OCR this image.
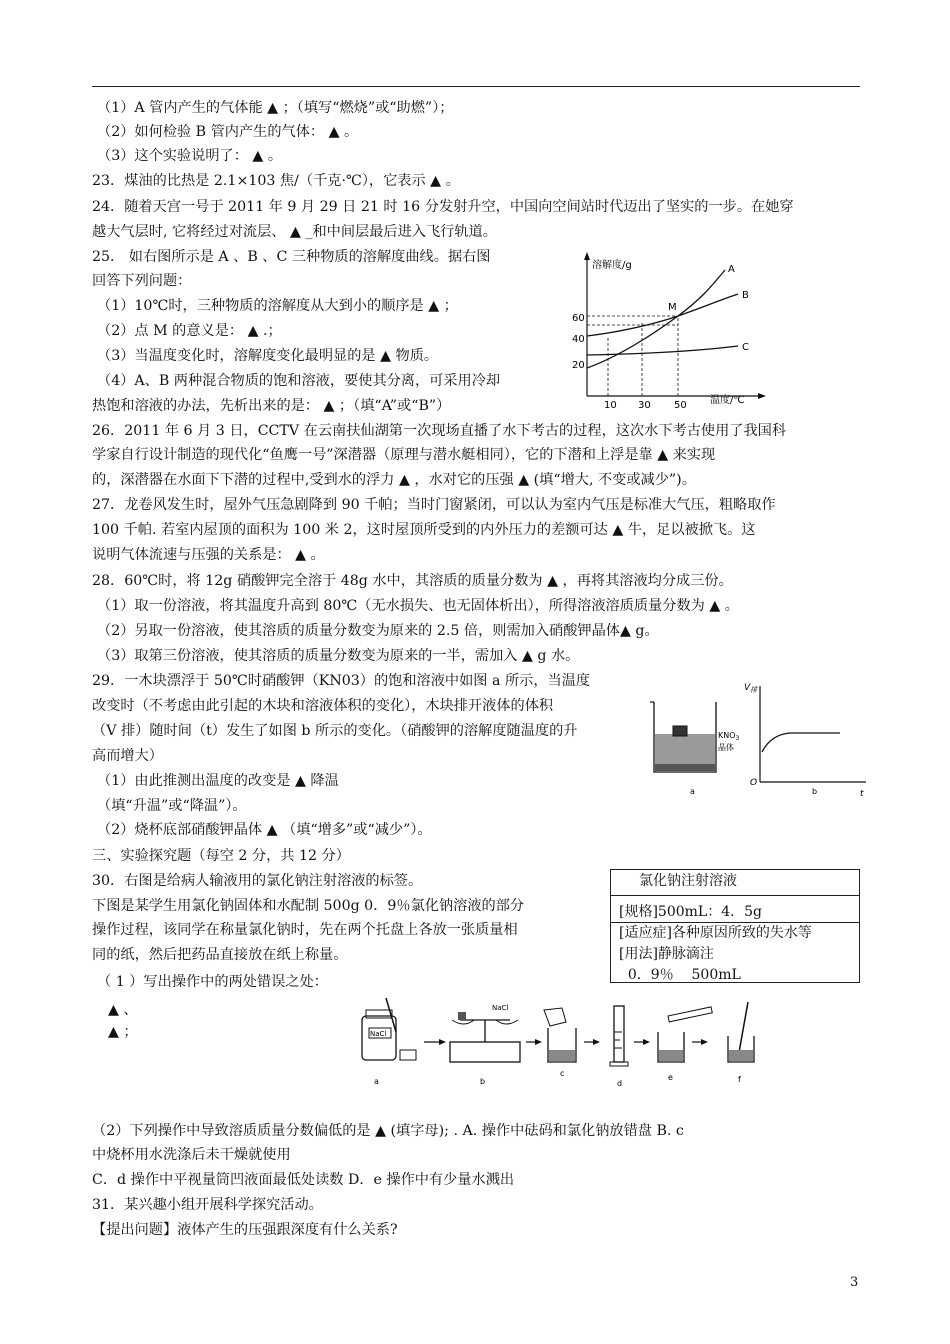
（1）A 管内产生的气体能 ▲ ；（填写“燃烧”或“助燃”）；
（2）如何检验 B 管内产生的气体： ▲ 。
（3）这个实验说明了： ▲ 。
23．煤油的比热是 2.1×103 焦/（千克·℃），它表示 ▲ 。
24．随着天宫一号于 2011 年 9 月 29 日 21 时 16 分发射升空，中国向空间站时代迈出了坚实的一步。在她穿
越大气层时, 它将经过对流层、 ▲ _和中间层最后进入飞行轨道。
25． 如右图所示是 A 、B 、C 三种物质的溶解度曲线。据右图
回答下列问题：
（1）10℃时，三种物质的溶解度从大到小的顺序是 ▲ ；
（2）点 M 的意义是： ▲ .；
（3）当温度变化时，溶解度变化最明显的是 ▲ 物质。
（4）A、B 两种混合物质的饱和溶液，要使其分离，可采用冷却
热饱和溶液的办法，先析出来的是： ▲ ；（填“A”或“B”）
26．2011 年 6 月 3 日，CCTV 在云南扶仙湖第一次现场直播了水下考古的过程，这次水下考古使用了我国科
学家自行设计制造的现代化“鱼鹰一号”深潜器（原理与潜水艇相同），它的下潜和上浮是靠 ▲ 来实现
的，深潜器在水面下下潜的过程中,受到水的浮力 ▲ ，水对它的压强 ▲ (填“增大, 不变或减少”)。
27．龙卷风发生时，屋外气压急剧降到 90 千帕；当时门窗紧闭，可以认为室内气压是标准大气压，粗略取作
100 千帕. 若室内屋顶的面积为 100 米 2，这时屋顶所受到的内外压力的差额可达 ▲ 牛，足以被掀飞。这
说明气体流速与压强的关系是： ▲ 。
28．60℃时，将 12g 硝酸钾完全溶于 48g 水中，其溶质的质量分数为 ▲ ，再将其溶液均分成三份。
（1）取一份溶液，将其温度升高到 80℃（无水损失、也无固体析出），所得溶液溶质质量分数为 ▲ 。
（2）另取一份溶液，使其溶质的质量分数变为原来的 2.5 倍，则需加入硝酸钾晶体▲ g。
（3）取第三份溶液，使其溶质的质量分数变为原来的一半，需加入 ▲ g 水。
29．一木块漂浮于 50℃时硝酸钾（KN03）的饱和溶液中如图 a 所示，当温度
改变时（不考虑由此引起的木块和溶液体积的变化），木块排开液体的体积
（V 排）随时间（t）发生了如图 b 所示的变化。（硝酸钾的溶解度随温度的升
高而增大）
（1）由此推测出温度的改变是 ▲ 降温
（填“升温”或“降温”）。
（2）烧杯底部硝酸钾晶体 ▲ （填“增多”或“减少”）。
三、实验探究题（每空 2 分，共 12 分）
30．右图是给病人输液用的氯化钠注射溶液的标签。
下图是某学生用氯化钠固体和水配制 500g 0．9％氯化钠溶液的部分
操作过程，该同学在称量氯化钠时，先在两个托盘上各放一张质量相
同的纸，然后把药品直接放在纸上称量。
（ 1 ）写出操作中的两处错误之处：
▲ 、
▲ ；
（2）下列操作中导致溶质质量分数偏低的是 ▲ (填字母); . A. 操作中砝码和氯化钠放错盘 B. c
中烧杯用水洗涤后未干燥就使用
C．d 操作中平视量筒凹液面最低处读数 D．e 操作中有少量水溅出
31．某兴趣小组开展科学探究活动。
【提出问题】液体产生的压强跟深度有什么关系?
溶解度/g
温度/℃
20
40
60
10 30 50
A
B
C
M
$KNO_3$
晶体
a
$V_排$
O
t
b
氯化钠注射溶液
[规格]500mL：4．5g
[适应症]各种原因所致的失水等
[用法]静脉滴注
0．9％    500mL
NaCl
a
NaCl
b
c
d
e	f
3
